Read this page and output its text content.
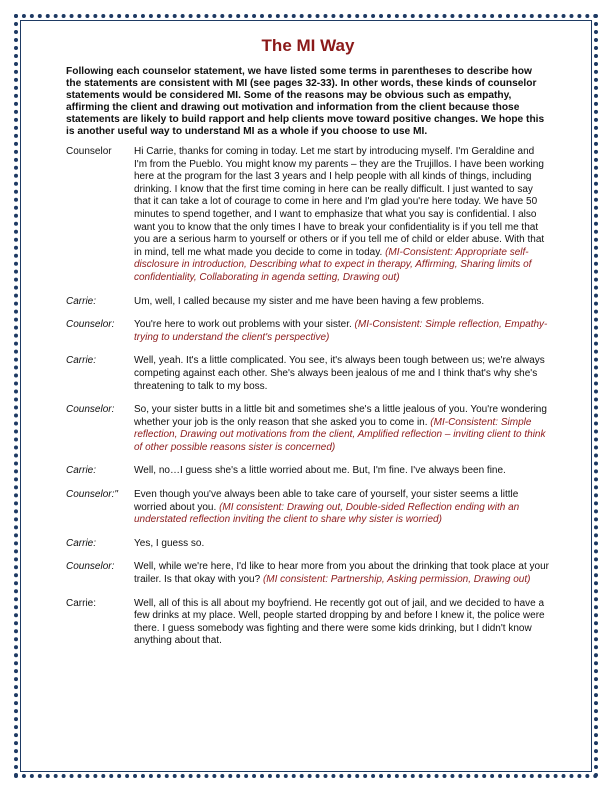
The MI Way
Following each counselor statement, we have listed some terms in parentheses to describe how the statements are consistent with MI (see pages 32-33). In other words, these kinds of counselor statements would be considered MI. Some of the reasons may be obvious such as empathy, affirming the client and drawing out motivation and information from the client because those statements are likely to build rapport and help clients move toward positive changes. We hope this is another useful way to understand MI as a whole if you choose to use MI.
Counselor	Hi Carrie, thanks for coming in today. Let me start by introducing myself. I'm Geraldine and I'm from the Pueblo. You might know my parents – they are the Trujillos. I have been working here at the program for the last 3 years and I help people with all kinds of things, including drinking. I know that the first time coming in here can be really difficult. I just wanted to say that it can take a lot of courage to come in here and I'm glad you're here today. We have 50 minutes to spend together, and I want to emphasize that what you say is confidential. I also want you to know that the only times I have to break your confidentiality is if you tell me that you are a serious harm to yourself or others or if you tell me of child or elder abuse. With that in mind, tell me what made you decide to come in today. (MI-Consistent: Appropriate self-disclosure in introduction, Describing what to expect in therapy, Affirming, Sharing limits of confidentiality, Collaborating in agenda setting, Drawing out)
Carrie:	Um, well, I called because my sister and me have been having a few problems.
Counselor:	You're here to work out problems with your sister. (MI-Consistent: Simple reflection, Empathy- trying to understand the client's perspective)
Carrie:	Well, yeah. It's a little complicated. You see, it's always been tough between us; we're always competing against each other. She's always been jealous of me and I think that's why she's threatening to talk to my boss.
Counselor:	So, your sister butts in a little bit and sometimes she's a little jealous of you. You're wondering whether your job is the only reason that she asked you to come in. (MI-Consistent: Simple reflection, Drawing out motivations from the client, Amplified reflection – inviting client to think of other possible reasons sister is concerned)
Carrie:	Well, no…I guess she's a little worried about me. But, I'm fine. I've always been fine.
Counselor:"	Even though you've always been able to take care of yourself, your sister seems a little worried about you. (MI consistent: Drawing out, Double-sided Reflection ending with an understated reflection inviting the client to share why sister is worried)
Carrie:	Yes, I guess so.
Counselor:	Well, while we're here, I'd like to hear more from you about the drinking that took place at your trailer. Is that okay with you? (MI consistent: Partnership, Asking permission, Drawing out)
Carrie:	Well, all of this is all about my boyfriend. He recently got out of jail, and we decided to have a few drinks at my place. Well, people started dropping by and before I knew it, the police were there. I guess somebody was fighting and there were some kids drinking, but I didn't know anything about that.
